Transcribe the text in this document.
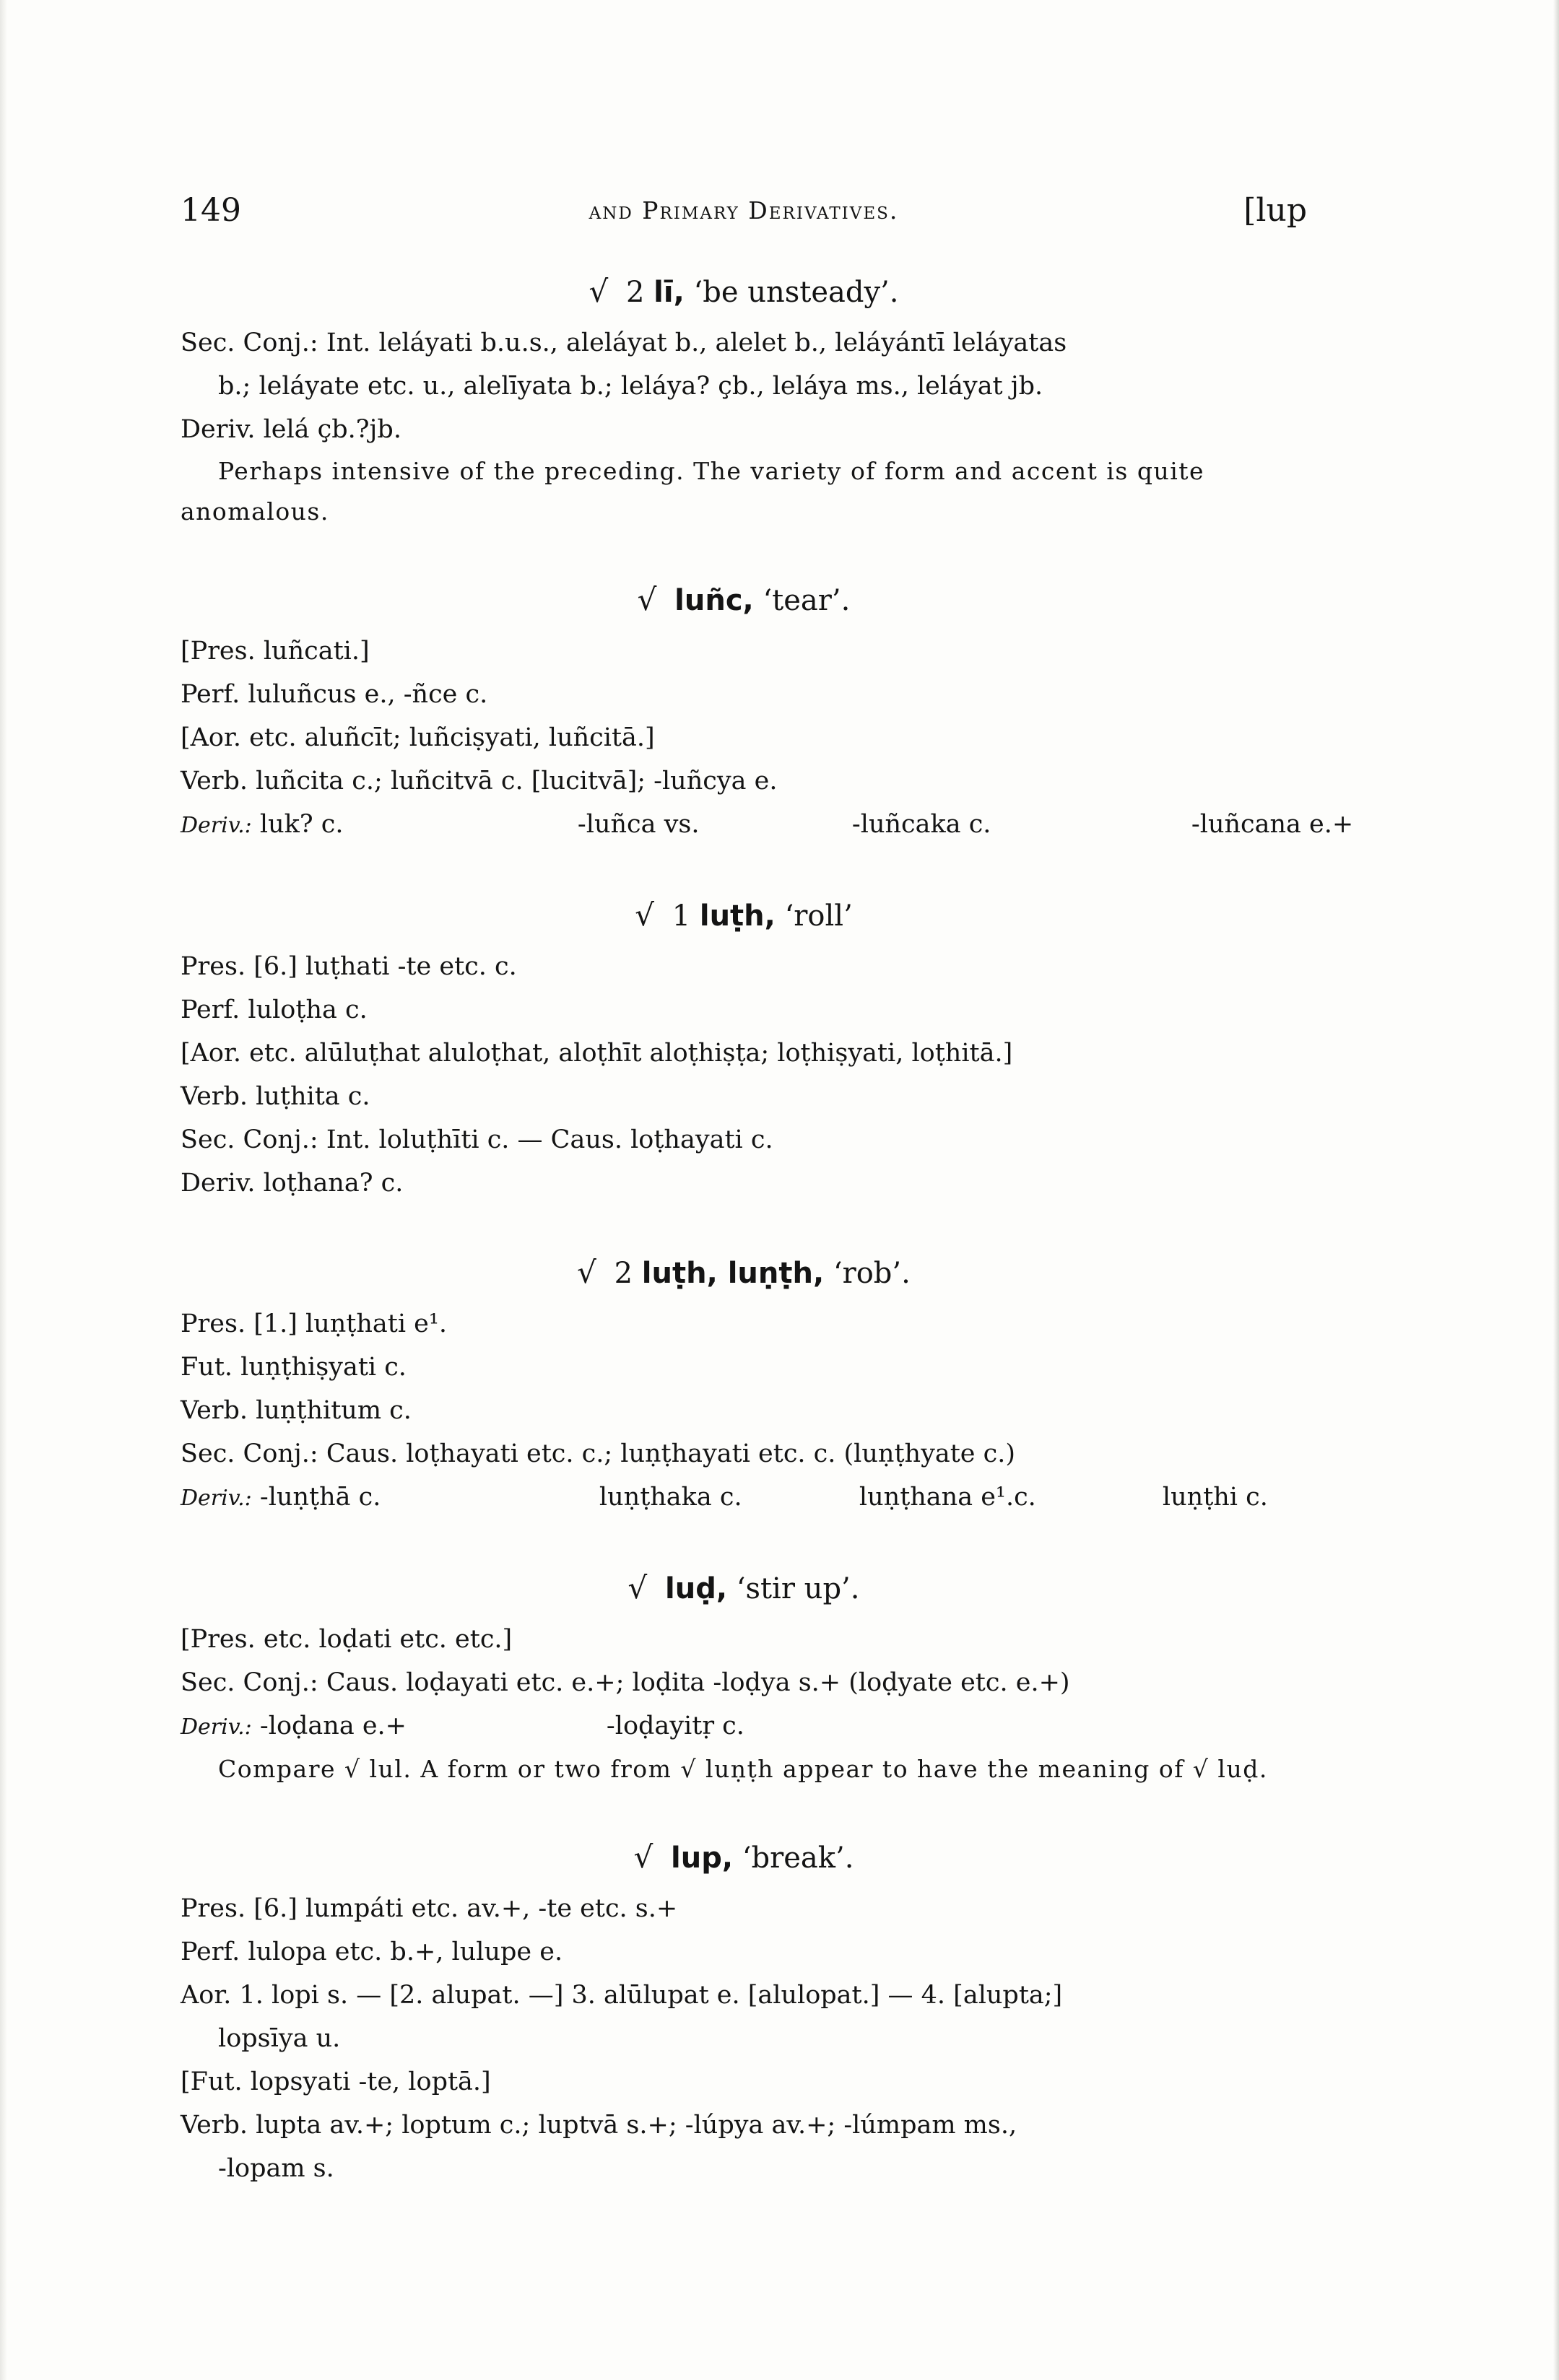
149	and Primary Derivatives.	[lup
√ 2 lī, ‘be unsteady’.
Sec. Conj.: Int. leláyati b.u.s., aleláyat b., alelet b., leláyántī leláyatas
b.; leláyate etc. u., alelīyata b.; leláya? çb., leláya ms., leláyat jb.
Deriv. lelá çb.?jb.
Perhaps intensive of the preceding. The variety of form and accent is quite anomalous.
√ luñc, ‘tear’.
[Pres. luñcati.]
Perf. luluñcus e., -ñce c.
[Aor. etc. aluñcīt; luñciṣyati, luñcitā.]
Verb. luñcita c.; luñcitvā c. [lucitvā]; -luñcya e.
Deriv.: luk? c.	-luñca vs.	-luñcaka c.	-luñcana e.+
√ 1 luṭh, ‘roll’
Pres. [6.] luṭhati -te etc. c.
Perf. luloṭha c.
[Aor. etc. alūluṭhat aluloṭhat, aloṭhīt aloṭhiṣṭa; loṭhiṣyati, loṭhitā.]
Verb. luṭhita c.
Sec. Conj.: Int. loluṭhīti c. — Caus. loṭhayati c.
Deriv. loṭhana? c.
√ 2 luṭh, luṇṭh, ‘rob’.
Pres. [1.] luṇṭhati e¹.
Fut. luṇṭhiṣyati c.
Verb. luṇṭhitum c.
Sec. Conj.: Caus. loṭhayati etc. c.; luṇṭhayati etc. c. (luṇṭhyate c.)
Deriv.: -luṇṭhā c.	luṇṭhaka c.	luṇṭhana e¹.c.	luṇṭhi c.
√ luḍ, ‘stir up’.
[Pres. etc. loḍati etc. etc.]
Sec. Conj.: Caus. loḍayati etc. e.+; loḍita -loḍya s.+ (loḍyate etc. e.+)
Deriv.: -loḍana e.+	-loḍayitṛ c.
Compare √ lul. A form or two from √ luṇṭh appear to have the meaning of √ luḍ.
√ lup, ‘break’.
Pres. [6.] lumpáti etc. av.+, -te etc. s.+
Perf. lulopa etc. b.+, lulupe e.
Aor. 1. lopi s. — [2. alupat. —] 3. alūlupat e. [alulopat.] — 4. [alupta;]
lopsīya u.
[Fut. lopsyati -te, loptā.]
Verb. lupta av.+; loptum c.; luptvā s.+; -lúpya av.+; -lúmpam ms.,
-lopam s.
